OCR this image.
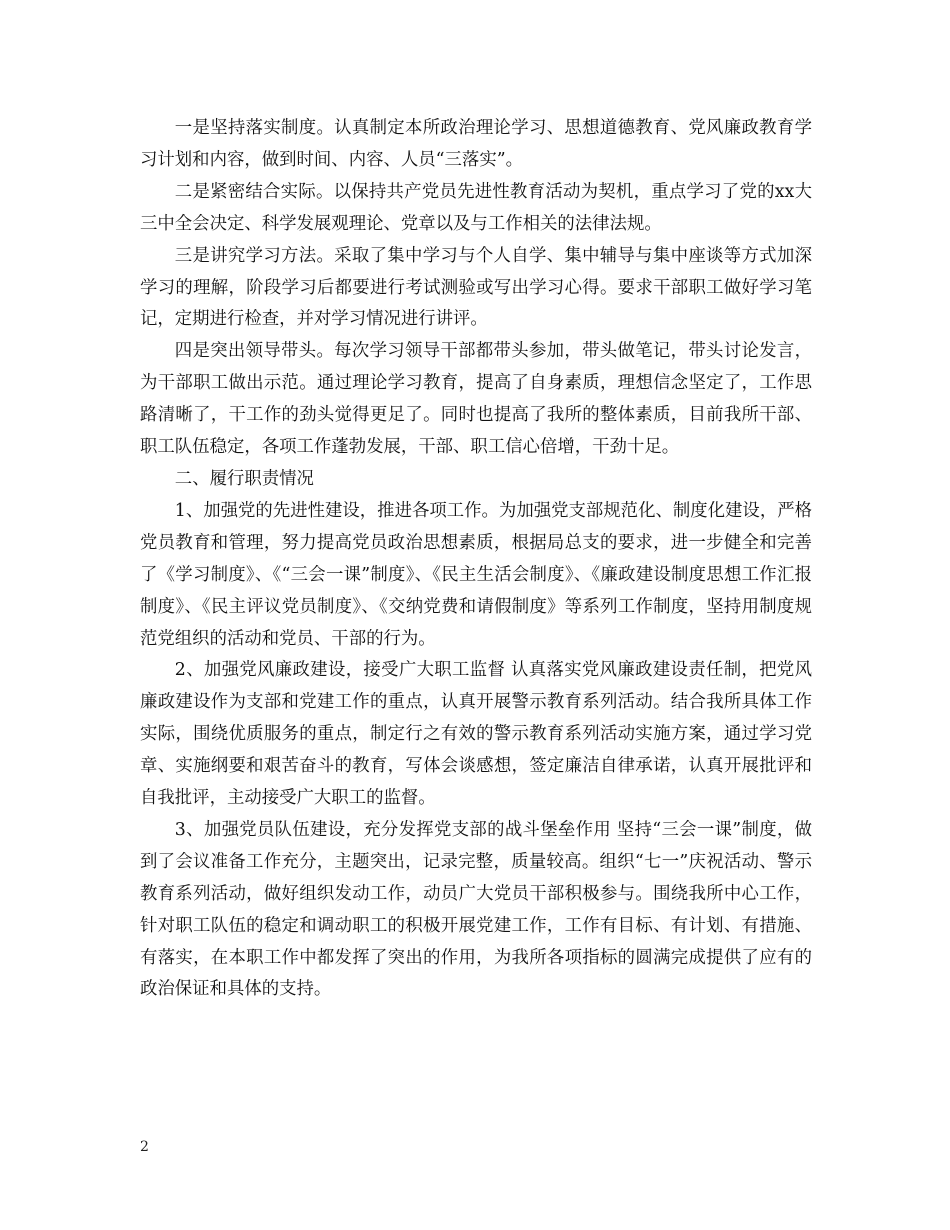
一是坚持落实制度。认真制定本所政治理论学习、思想道德教育、党风廉政教育学习计划和内容，做到时间、内容、人员“三落实”。

二是紧密结合实际。以保持共产党员先进性教育活动为契机，重点学习了党的xx大三中全会决定、科学发展观理论、党章以及与工作相关的法律法规。

三是讲究学习方法。采取了集中学习与个人自学、集中辅导与集中座谈等方式加深学习的理解，阶段学习后都要进行考试测验或写出学习心得。要求干部职工做好学习笔记，定期进行检查，并对学习情况进行讲评。

四是突出领导带头。每次学习领导干部都带头参加，带头做笔记，带头讨论发言，为干部职工做出示范。通过理论学习教育，提高了自身素质，理想信念坚定了，工作思路清晰了，干工作的劲头觉得更足了。同时也提高了我所的整体素质，目前我所干部、职工队伍稳定，各项工作蓬勃发展，干部、职工信心倍增，干劲十足。

二、履行职责情况

1、加强党的先进性建设，推进各项工作。为加强党支部规范化、制度化建设，严格党员教育和管理，努力提高党员政治思想素质，根据局总支的要求，进一步健全和完善了《学习制度》、《“三会一课”制度》、《民主生活会制度》、《廉政建设制度思想工作汇报制度》、《民主评议党员制度》、《交纳党费和请假制度》等系列工作制度，坚持用制度规范党组织的活动和党员、干部的行为。

2、加强党风廉政建设，接受广大职工监督 认真落实党风廉政建设责任制，把党风廉政建设作为支部和党建工作的重点，认真开展警示教育系列活动。结合我所具体工作实际，围绕优质服务的重点，制定行之有效的警示教育系列活动实施方案，通过学习党章、实施纲要和艰苦奋斗的教育，写体会谈感想，签定廉洁自律承诺，认真开展批评和自我批评，主动接受广大职工的监督。

3、加强党员队伍建设，充分发挥党支部的战斗堡垒作用 坚持“三会一课”制度，做到了会议准备工作充分，主题突出，记录完整，质量较高。组织“七一”庆祝活动、警示教育系列活动，做好组织发动工作，动员广大党员干部积极参与。围绕我所中心工作，针对职工队伍的稳定和调动职工的积极开展党建工作，工作有目标、有计划、有措施、有落实，在本职工作中都发挥了突出的作用，为我所各项指标的圆满完成提供了应有的政治保证和具体的支持。

2
